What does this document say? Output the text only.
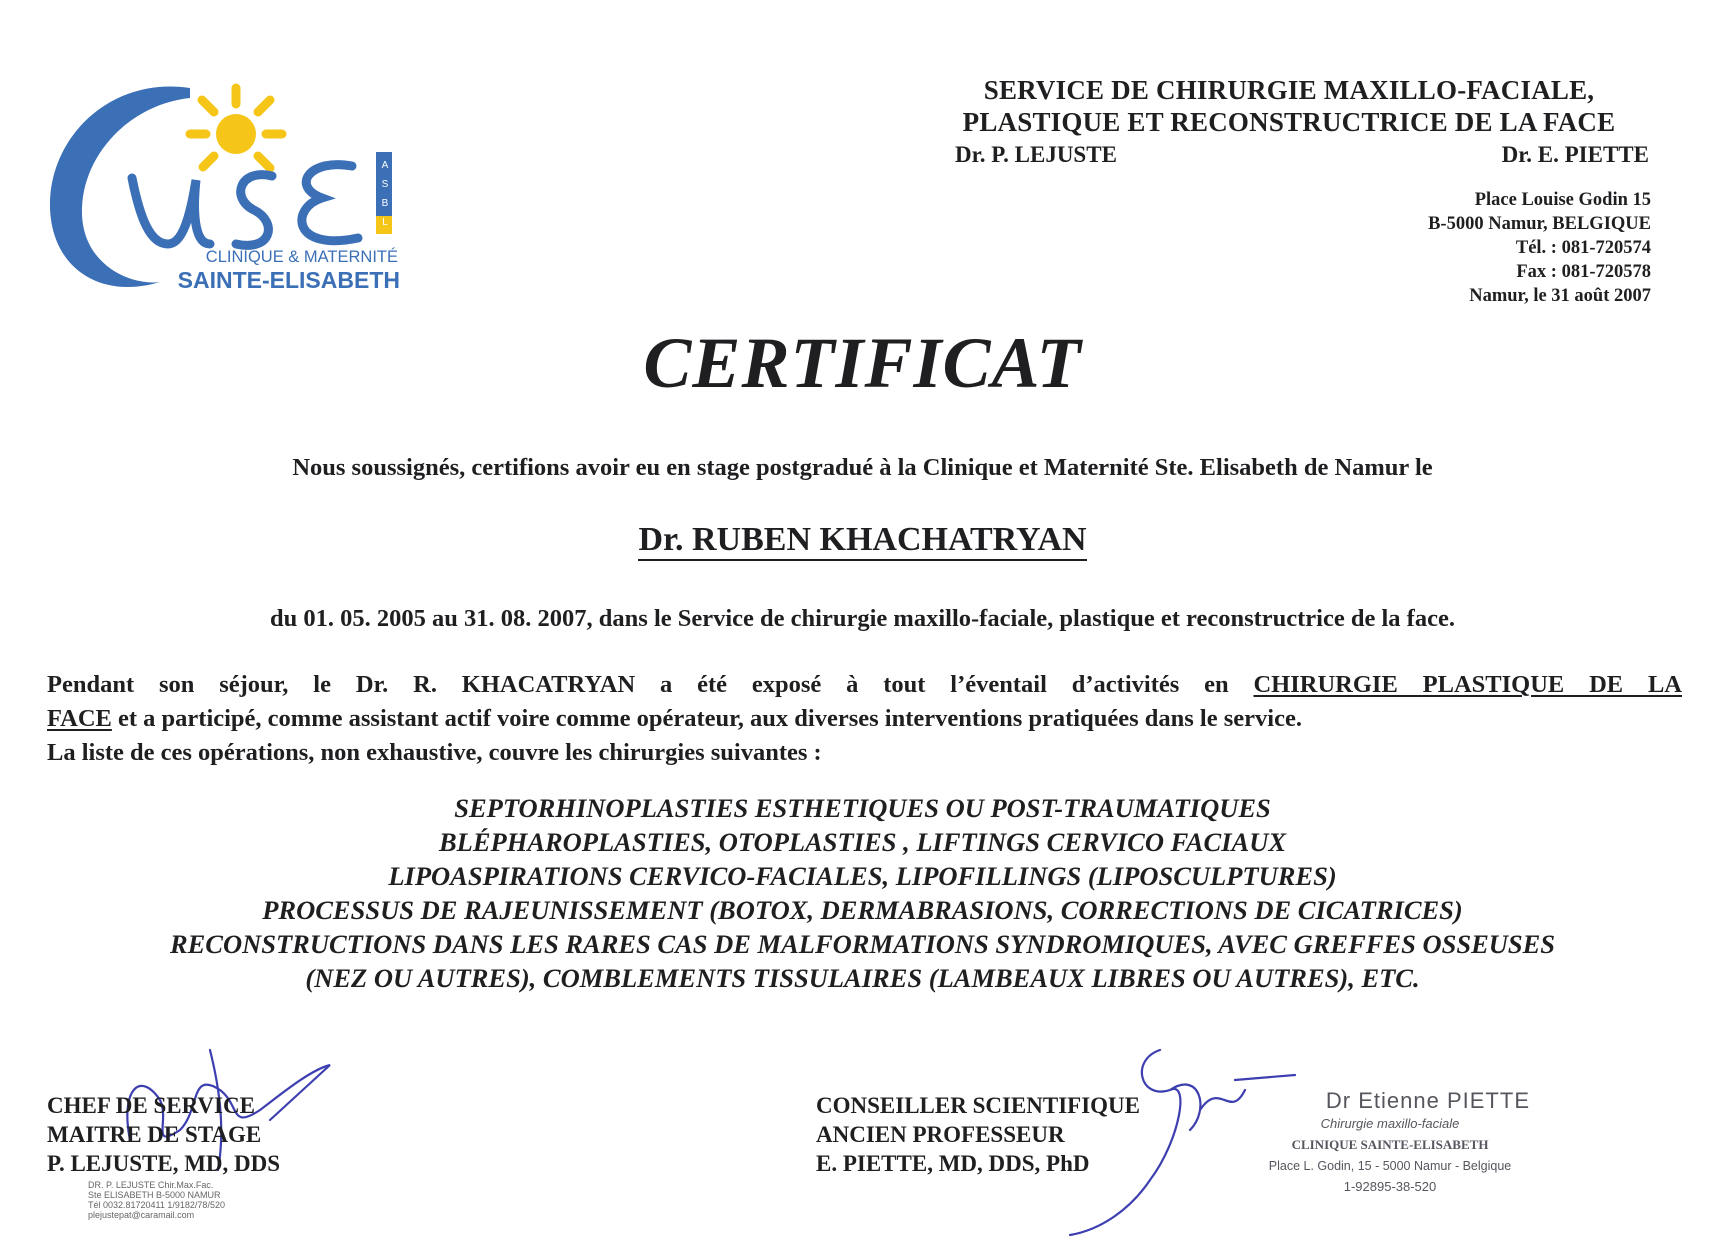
ASBL
CLINIQUE & MATERNITÉ
SAINTE-ELISABETH
SERVICE DE CHIRURGIE MAXILLO-FACIALE,
PLASTIQUE ET RECONSTRUCTRICE DE LA FACE
Dr. P. LEJUSTE	Dr. E. PIETTE
Place Louise Godin 15
B-5000 Namur, BELGIQUE
Tél. : 081-720574
Fax : 081-720578
Namur, le 31 août 2007
CERTIFICAT
Nous soussignés, certifions avoir eu en stage postgradué à la Clinique et Maternité Ste. Elisabeth de Namur le
Dr. RUBEN KHACHATRYAN
du 01. 05. 2005 au 31. 08. 2007, dans le Service de chirurgie maxillo-faciale, plastique et reconstructrice de la face.
Pendant son séjour, le Dr. R. KHACATRYAN a été exposé à tout l’éventail d’activités en CHIRURGIE PLASTIQUE DE LA
FACE et a participé, comme assistant actif voire comme opérateur, aux diverses interventions pratiquées dans le service.
La liste de ces opérations, non exhaustive, couvre les chirurgies suivantes :
SEPTORHINOPLASTIES ESTHETIQUES OU POST-TRAUMATIQUES
BLÉPHAROPLASTIES, OTOPLASTIES , LIFTINGS CERVICO FACIAUX
LIPOASPIRATIONS CERVICO-FACIALES, LIPOFILLINGS (LIPOSCULPTURES)
PROCESSUS DE RAJEUNISSEMENT (BOTOX, DERMABRASIONS, CORRECTIONS DE CICATRICES)
RECONSTRUCTIONS DANS LES RARES CAS DE MALFORMATIONS SYNDROMIQUES, AVEC GREFFES OSSEUSES
(NEZ OU AUTRES), COMBLEMENTS TISSULAIRES (LAMBEAUX LIBRES OU AUTRES), ETC.
CHEF DE SERVICE
MAITRE DE STAGE
P. LEJUSTE, MD, DDS
DR. P. LEJUSTE Chir.Max.Fac.
Ste ELISABETH B-5000 NAMUR
Tél 0032.81720411 1/9182/78/520
plejustepat@caramail.com
CONSEILLER SCIENTIFIQUE
ANCIEN PROFESSEUR
E. PIETTE, MD, DDS, PhD
Dr Etienne PIETTE
Chirurgie maxillo-faciale
CLINIQUE SAINTE-ELISABETH
Place L. Godin, 15 - 5000 Namur - Belgique
1-92895-38-520
